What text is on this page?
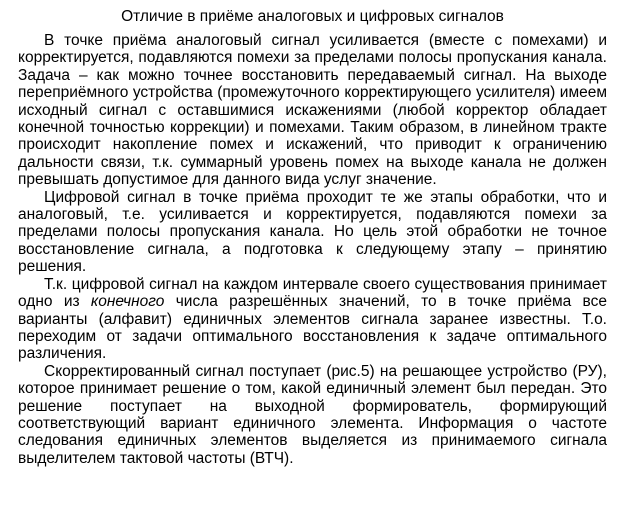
Отличие в приёме аналоговых и цифровых сигналов

В точке приёма аналоговый сигнал усиливается (вместе с помехами) и корректируется, подавляются помехи за пределами полосы пропускания канала. Задача – как можно точнее восстановить передаваемый сигнал. На выходе переприёмного устройства (промежуточного корректирующего усилителя) имеем исходный сигнал с оставшимися искажениями (любой корректор обладает конечной точностью коррекции) и помехами. Таким образом, в линейном тракте происходит накопление помех и искажений, что приводит к ограничению дальности связи, т.к. суммарный уровень помех на выходе канала не должен превышать допустимое для данного вида услуг значение.

Цифровой сигнал в точке приёма проходит те же этапы обработки, что и аналоговый, т.е. усиливается и корректируется, подавляются помехи за пределами полосы пропускания канала. Но цель этой обработки не точное восстановление сигнала, а подготовка к следующему этапу – принятию решения.

Т.к. цифровой сигнал на каждом интервале своего существования принимает одно из конечного числа разрешённых значений, то в точке приёма все варианты (алфавит) единичных элементов сигнала заранее известны. Т.о. переходим от задачи оптимального восстановления к задаче оптимального различения.

Скорректированный сигнал поступает (рис.5) на решающее устройство (РУ), которое принимает решение о том, какой единичный элемент был передан. Это решение поступает на выходной формирователь, формирующий соответствующий вариант единичного элемента. Информация о частоте следования единичных элементов выделяется из принимаемого сигнала выделителем тактовой частоты (ВТЧ).
